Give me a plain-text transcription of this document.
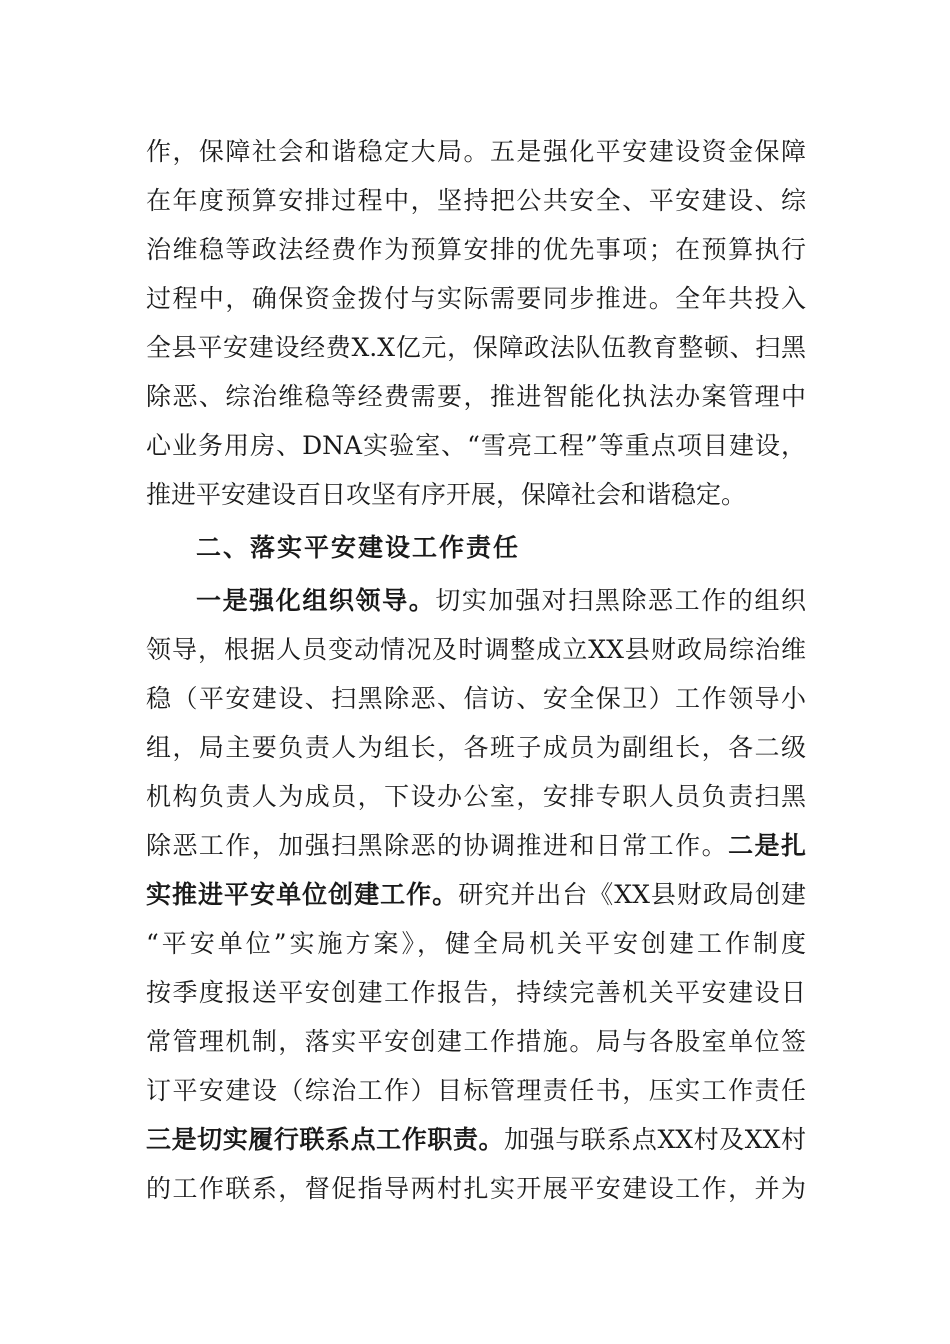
作，保障社会和谐稳定大局。五是强化平安建设资金保障
在年度预算安排过程中，坚持把公共安全、平安建设、综
治维稳等政法经费作为预算安排的优先事项；在预算执行
过程中，确保资金拨付与实际需要同步推进。全年共投入
全县平安建设经费X.X亿元，保障政法队伍教育整顿、扫黑
除恶、综治维稳等经费需要，推进智能化执法办案管理中
心业务用房、DNA实验室、“雪亮工程”等重点项目建设，
推进平安建设百日攻坚有序开展，保障社会和谐稳定。
二、落实平安建设工作责任
一是强化组织领导。切实加强对扫黑除恶工作的组织
领导，根据人员变动情况及时调整成立XX县财政局综治维
稳（平安建设、扫黑除恶、信访、安全保卫）工作领导小
组，局主要负责人为组长，各班子成员为副组长，各二级
机构负责人为成员，下设办公室，安排专职人员负责扫黑
除恶工作，加强扫黑除恶的协调推进和日常工作。二是扎
实推进平安单位创建工作。研究并出台《XX县财政局创建
“平安单位”实施方案》，健全局机关平安创建工作制度
按季度报送平安创建工作报告，持续完善机关平安建设日
常管理机制，落实平安创建工作措施。局与各股室单位签
订平安建设（综治工作）目标管理责任书，压实工作责任
三是切实履行联系点工作职责。加强与联系点XX村及XX村
的工作联系，督促指导两村扎实开展平安建设工作，并为
